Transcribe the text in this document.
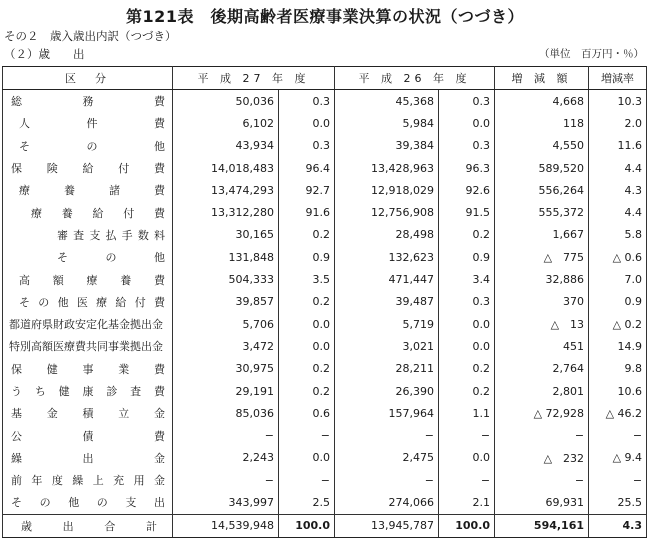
第121表　後期高齢者医療事業決算の状況（つづき）
その２　歳入歳出内訳（つづき）
（２）歳　　出	（単位　百万円・％）
区　分	平 成 27 年 度		平 成 26 年 度		増 減 額	増減率

総務費	50,036	0.3	45,368	0.3	4,668	10.3

人件費	6,102	0.0	5,984	0.0	118	2.0

その他	43,934	0.3	39,384	0.3	4,550	11.6

保険給付費	14,018,483	96.4	13,428,963	96.3	589,520	4.4

療養諸費	13,474,293	92.7	12,918,029	92.6	556,264	4.3

療養給付費	13,312,280	91.6	12,756,908	91.5	555,372	4.4

審査支払手数料	30,165	0.2	28,498	0.2	1,667	5.8

その他	131,848	0.9	132,623	0.9	△　775	△ 0.6

高額療養費	504,333	3.5	471,447	3.4	32,886	7.0

その他医療給付費	39,857	0.2	39,487	0.3	370	0.9

都道府県財政安定化基金拠出金	5,706	0.0	5,719	0.0	△　13	△ 0.2

特別高額医療費共同事業拠出金	3,472	0.0	3,021	0.0	451	14.9

保健事業費	30,975	0.2	28,211	0.2	2,764	9.8

うち健康診査費	29,191	0.2	26,390	0.2	2,801	10.6

基金積立金	85,036	0.6	157,964	1.1	△ 72,928	△ 46.2

公債費	−	−	−	−	−	−

繰出金	2,243	0.0	2,475	0.0	△　232	△ 9.4

前年度繰上充用金	−	−	−	−	−	−

その他の支出	343,997	2.5	274,066	2.1	69,931	25.5

歳出合計	14,539,948	100.0	13,945,787	100.0	594,161	4.3
